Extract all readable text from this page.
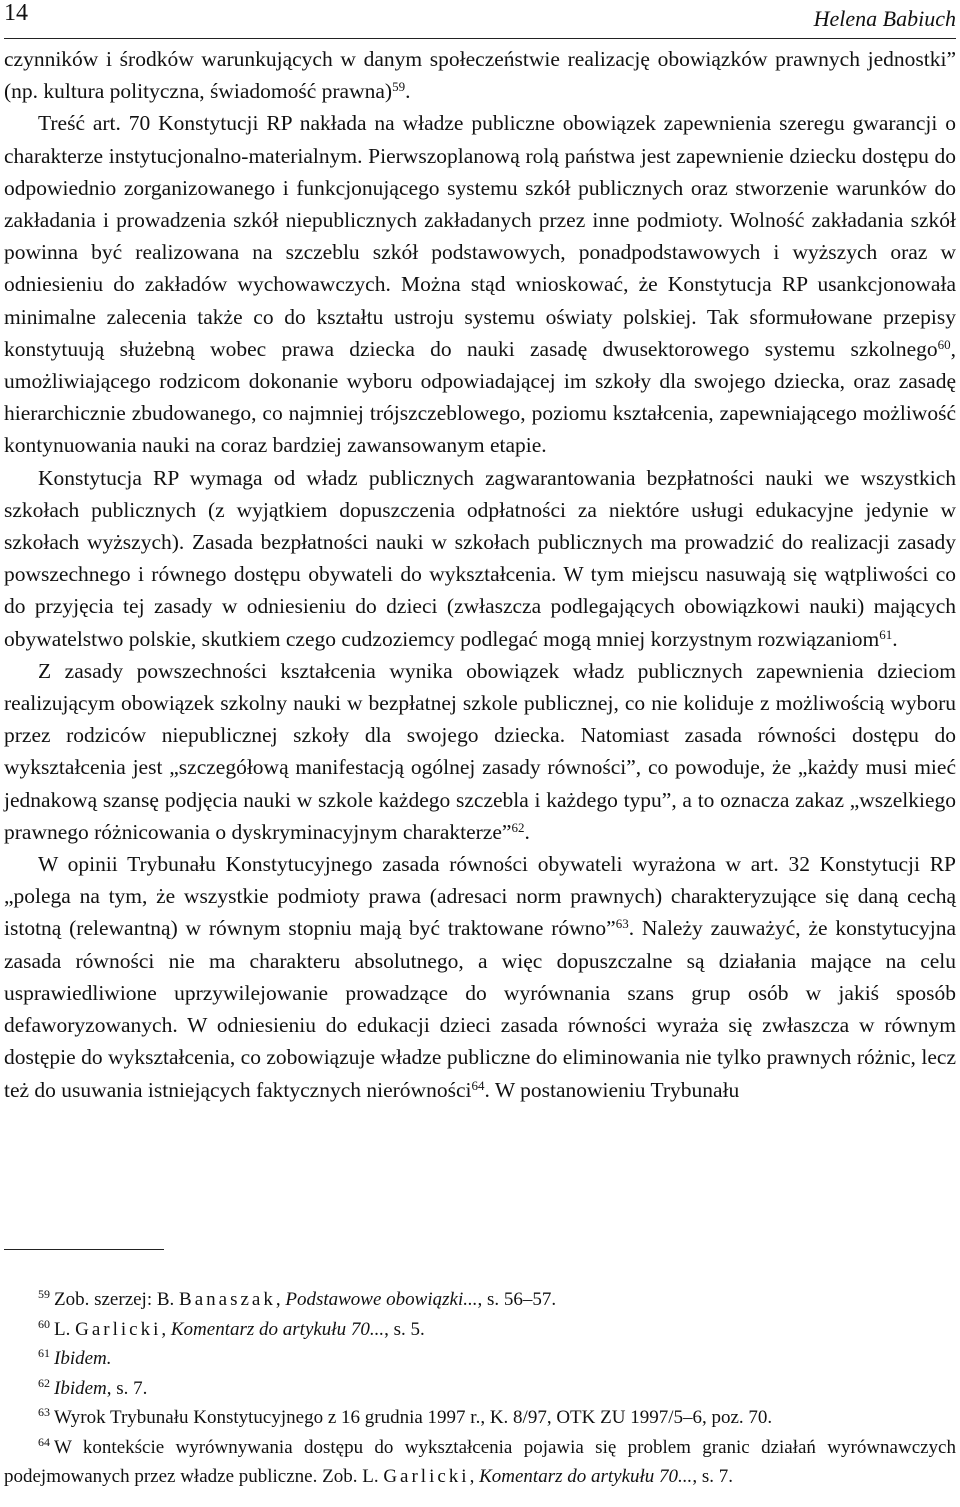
14	Helena Babiuch

czynników i środków warunkujących w danym społeczeństwie realizację obowiązków prawnych jednostki” (np. kultura polityczna, świadomość prawna)$^{59}$.

Treść art. 70 Konstytucji RP nakłada na władze publiczne obowiązek zapewnienia szeregu gwarancji o charakterze instytucjonalno-materialnym. Pierwszoplanową rolą państwa jest zapewnienie dziecku dostępu do odpowiednio zorganizowanego i funkcjonującego systemu szkół publicznych oraz stworzenie warunków do zakładania i prowadzenia szkół niepublicznych zakładanych przez inne podmioty. Wolność zakładania szkół powinna być realizowana na szczeblu szkół podstawowych, ponadpodstawowych i wyższych oraz w odniesieniu do zakładów wychowawczych. Można stąd wnioskować, że Konstytucja RP usankcjonowała minimalne zalecenia także co do kształtu ustroju systemu oświaty polskiej. Tak sformułowane przepisy konstytuują służebną wobec prawa dziecka do nauki zasadę dwusektorowego systemu szkolnego$^{60}$, umożliwiającego rodzicom dokonanie wyboru odpowiadającej im szkoły dla swojego dziecka, oraz zasadę hierarchicznie zbudowanego, co najmniej trójszczeblowego, poziomu kształcenia, zapewniającego możliwość kontynuowania nauki na coraz bardziej zawansowanym etapie.

Konstytucja RP wymaga od władz publicznych zagwarantowania bezpłatności nauki we wszystkich szkołach publicznych (z wyjątkiem dopuszczenia odpłatności za niektóre usługi edukacyjne jedynie w szkołach wyższych). Zasada bezpłatności nauki w szkołach publicznych ma prowadzić do realizacji zasady powszechnego i równego dostępu obywateli do wykształcenia. W tym miejscu nasuwają się wątpliwości co do przyjęcia tej zasady w odniesieniu do dzieci (zwłaszcza podlegających obowiązkowi nauki) mających obywatelstwo polskie, skutkiem czego cudzoziemcy podlegać mogą mniej korzystnym rozwiązaniom$^{61}$.

Z zasady powszechności kształcenia wynika obowiązek władz publicznych zapewnienia dzieciom realizującym obowiązek szkolny nauki w bezpłatnej szkole publicznej, co nie koliduje z możliwością wyboru przez rodziców niepublicznej szkoły dla swojego dziecka. Natomiast zasada równości dostępu do wykształcenia jest „szczegółową manifestacją ogólnej zasady równości”, co powoduje, że „każdy musi mieć jednakową szansę podjęcia nauki w szkole każdego szczebla i każdego typu”, a to oznacza zakaz „wszelkiego prawnego różnicowania o dyskryminacyjnym charakterze”$^{62}$.

W opinii Trybunału Konstytucyjnego zasada równości obywateli wyrażona w art. 32 Konstytucji RP „polega na tym, że wszystkie podmioty prawa (adresaci norm prawnych) charakteryzujące się daną cechą istotną (relewantną) w równym stopniu mają być traktowane równo”$^{63}$. Należy zauważyć, że konstytucyjna zasada równości nie ma charakteru absolutnego, a więc dopuszczalne są działania mające na celu usprawiedliwione uprzywilejowanie prowadzące do wyrównania szans grup osób w jakiś sposób defaworyzowanych. W odniesieniu do edukacji dzieci zasada równości wyraża się zwłaszcza w równym dostępie do wykształcenia, co zobowiązuje władze publiczne do eliminowania nie tylko prawnych różnic, lecz też do usuwania istniejących faktycznych nierówności$^{64}$. W postanowieniu Trybunału

$^{59}$ Zob. szerzej: B. Banaszak, Podstawowe obowiązki..., s. 56–57.

$^{60}$ L. Garlicki, Komentarz do artykułu 70..., s. 5.

$^{61}$ Ibidem.

$^{62}$ Ibidem, s. 7.

$^{63}$ Wyrok Trybunału Konstytucyjnego z 16 grudnia 1997 r., K. 8/97, OTK ZU 1997/5–6, poz. 70.

$^{64}$ W kontekście wyrównywania dostępu do wykształcenia pojawia się problem granic działań wyrównawczych podejmowanych przez władze publiczne. Zob. L. Garlicki, Komentarz do artykułu 70..., s. 7.
